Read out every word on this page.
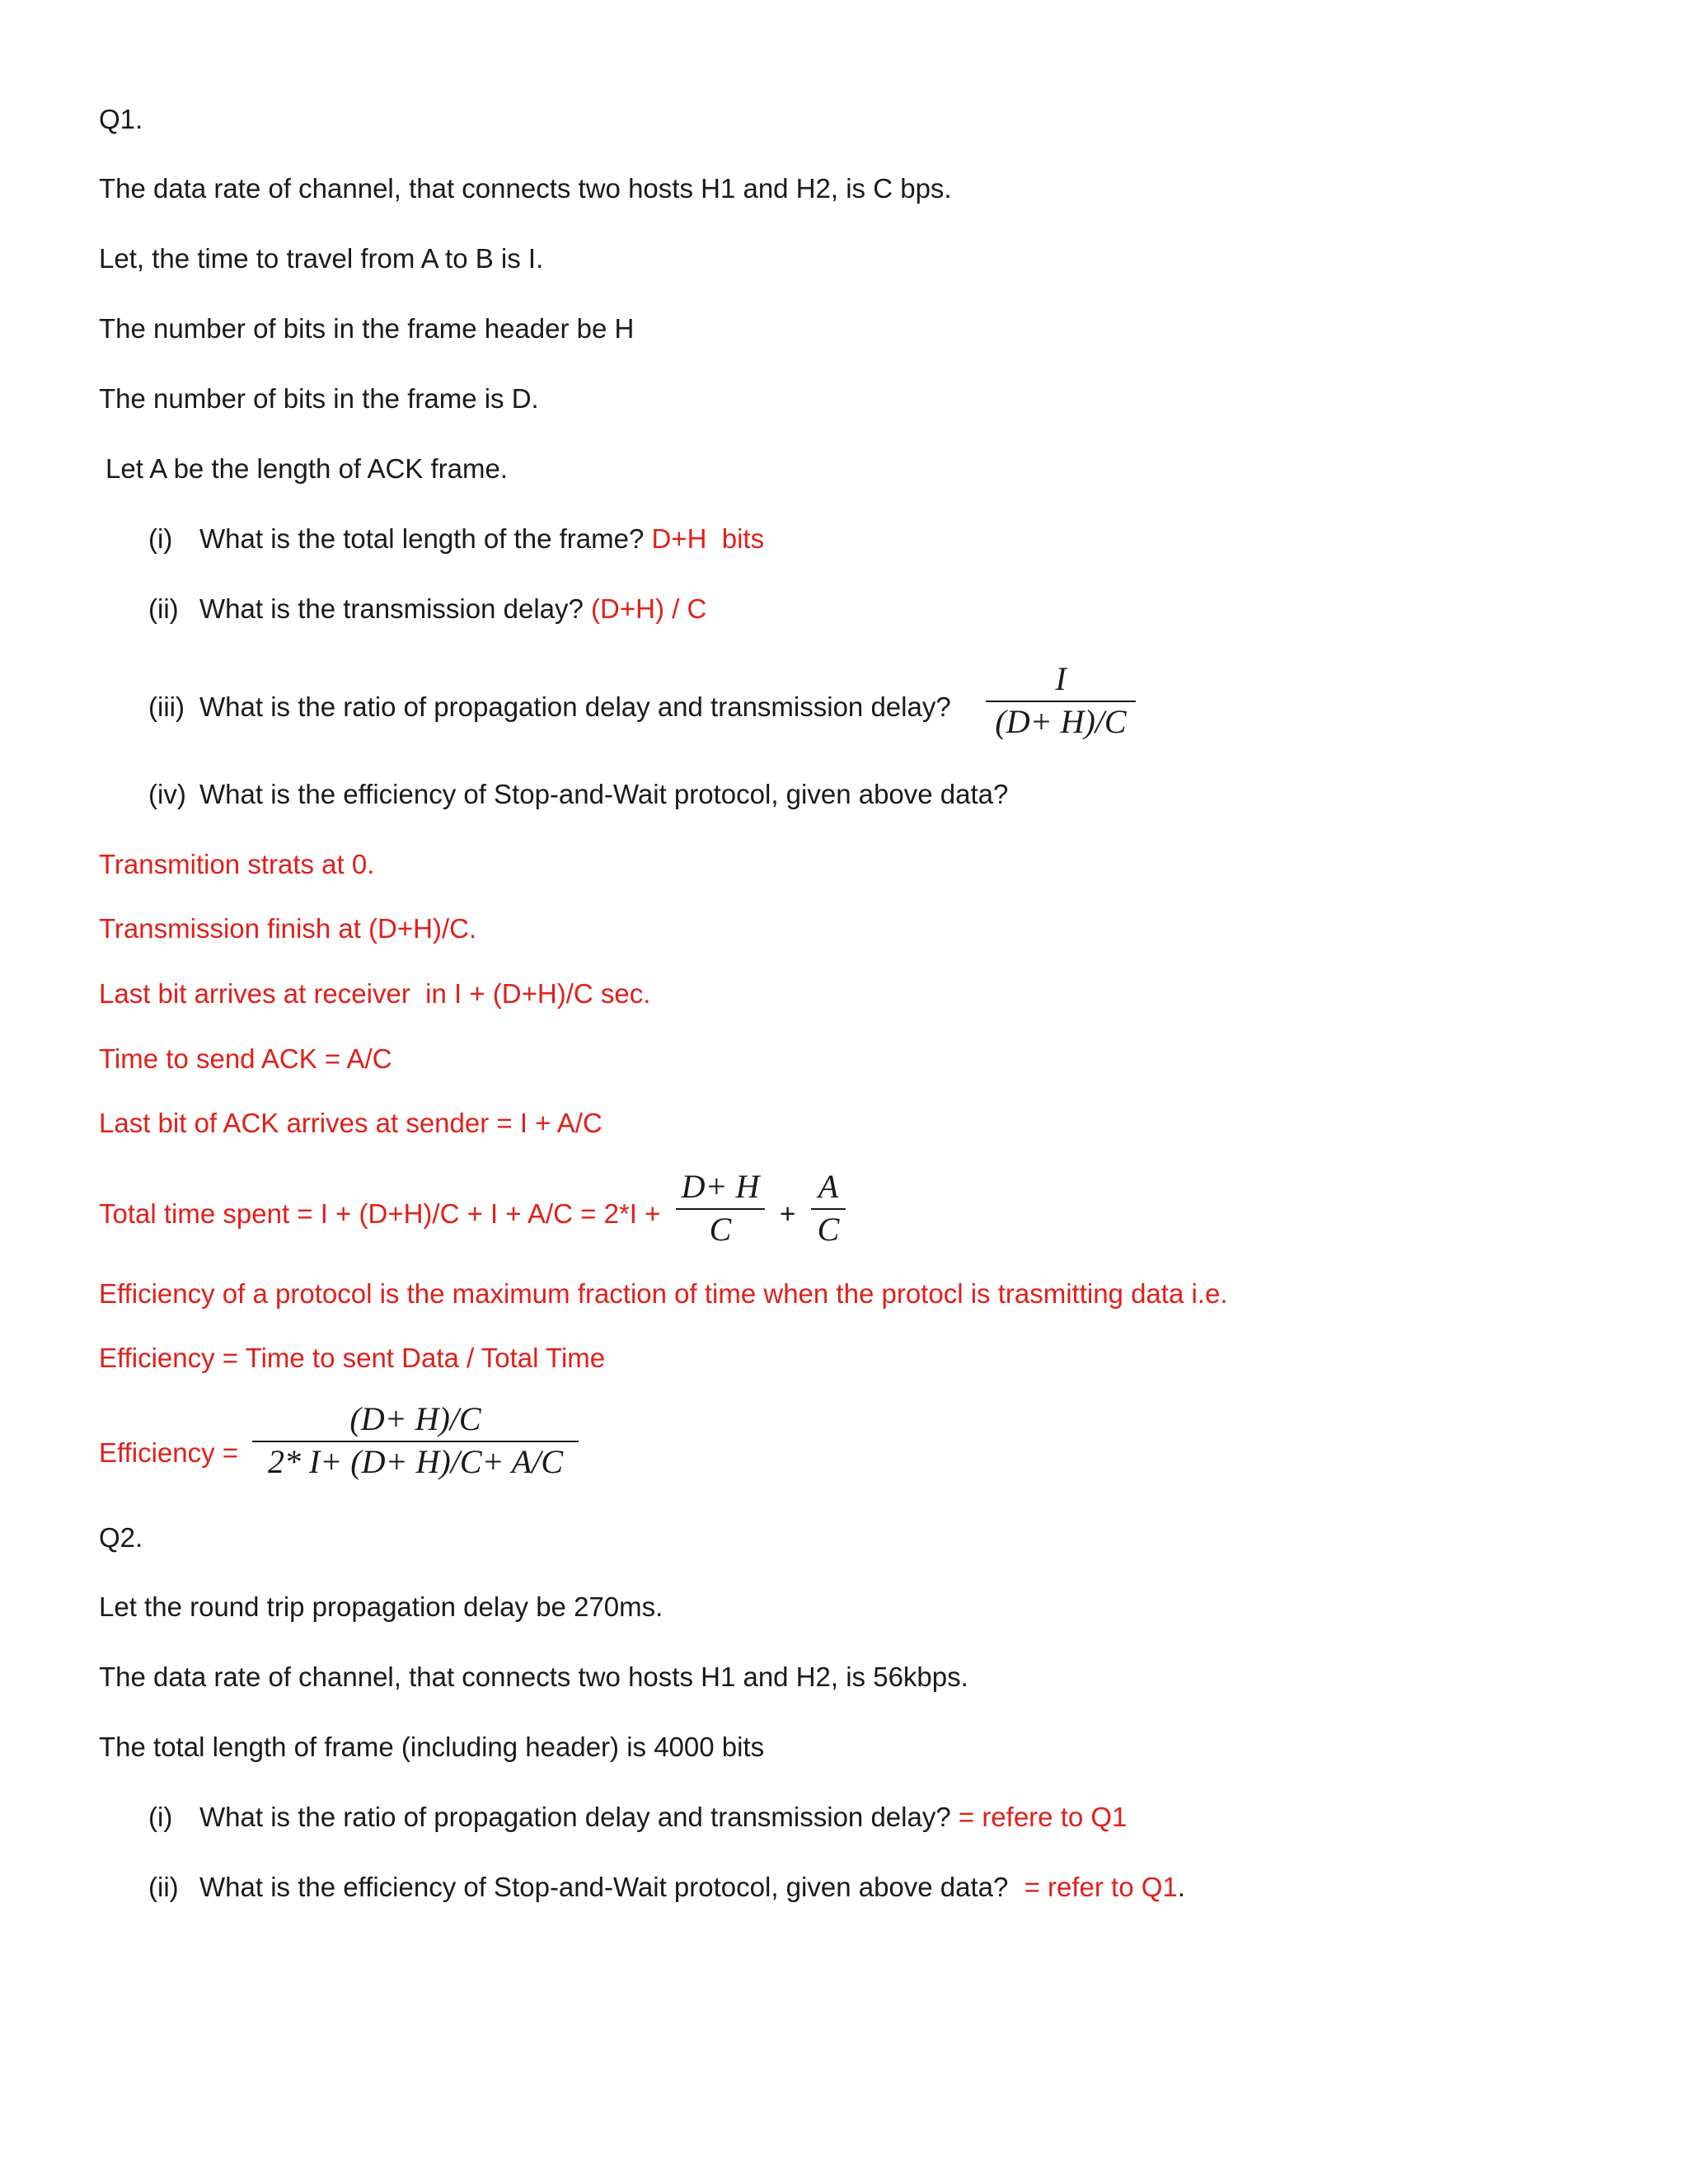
Q1.
The data rate of channel, that connects two hosts H1 and H2, is C bps.
Let, the time to travel from A to B is I.
The number of bits in the frame header be H
The number of bits in the frame is D.
Let A be the length of ACK frame.
(i) What is the total length of the frame? D+H  bits
(ii) What is the transmission delay? (D+H) / C
(iii) What is the ratio of propagation delay and transmission delay?
I
(D+ H)/C
(iv) What is the efficiency of Stop-and-Wait protocol, given above data?
Transmition strats at 0.
Transmission finish at (D+H)/C.
Last bit arrives at receiver  in I + (D+H)/C sec.
Time to send ACK = A/C
Last bit of ACK arrives at sender = I + A/C
Total time spent = I + (D+H)/C + I + A/C = 2*I +
D+ H
C	+
A
C
Efficiency of a protocol is the maximum fraction of time when the protocl is trasmitting data i.e.
Efficiency = Time to sent Data / Total Time
Efficiency =
(D+ H)/C
2* I+ (D+ H)/C+ A/C
Q2.
Let the round trip propagation delay be 270ms.
The data rate of channel, that connects two hosts H1 and H2, is 56kbps.
The total length of frame (including header) is 4000 bits
(i) What is the ratio of propagation delay and transmission delay? = refere to Q1
(ii) What is the efficiency of Stop-and-Wait protocol, given above data? = refer to Q1.
